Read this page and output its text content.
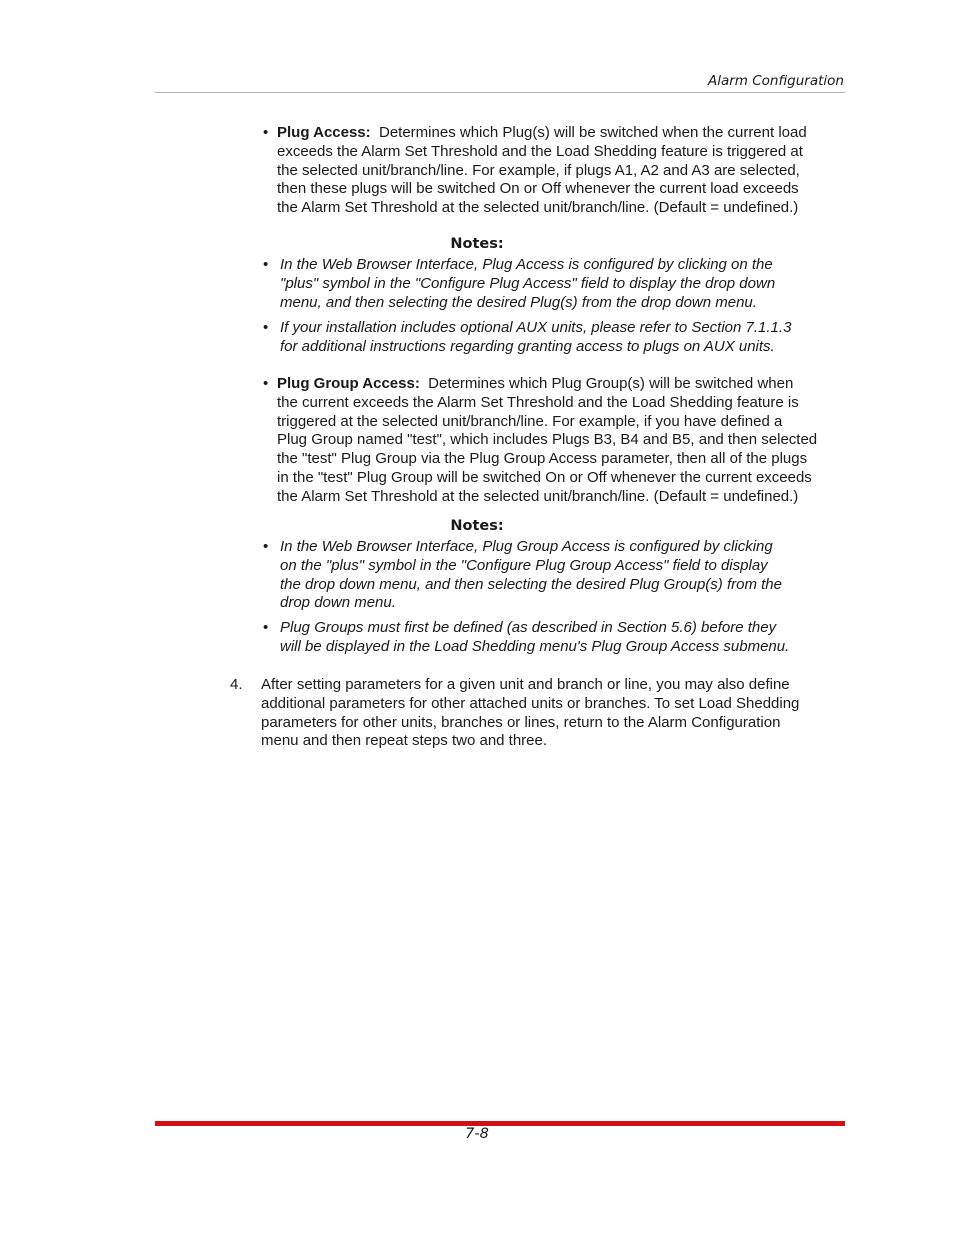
Alarm Configuration
• Plug Access: Determines which Plug(s) will be switched when the current load
exceeds the Alarm Set Threshold and the Load Shedding feature is triggered at
the selected unit/branch/line. For example, if plugs A1, A2 and A3 are selected,
then these plugs will be switched On or Off whenever the current load exceeds
the Alarm Set Threshold at the selected unit/branch/line. (Default = undefined.)
Notes:
• In the Web Browser Interface, Plug Access is configured by clicking on the
"plus" symbol in the "Configure Plug Access" field to display the drop down
menu, and then selecting the desired Plug(s) from the drop down menu.
• If your installation includes optional AUX units, please refer to Section 7.1.1.3
for additional instructions regarding granting access to plugs on AUX units.
• Plug Group Access: Determines which Plug Group(s) will be switched when
the current exceeds the Alarm Set Threshold and the Load Shedding feature is
triggered at the selected unit/branch/line. For example, if you have defined a
Plug Group named "test", which includes Plugs B3, B4 and B5, and then selected
the "test" Plug Group via the Plug Group Access parameter, then all of the plugs
in the "test" Plug Group will be switched On or Off whenever the current exceeds
the Alarm Set Threshold at the selected unit/branch/line. (Default = undefined.)
Notes:
• In the Web Browser Interface, Plug Group Access is configured by clicking
on the "plus" symbol in the "Configure Plug Group Access" field to display
the drop down menu, and then selecting the desired Plug Group(s) from the
drop down menu.
• Plug Groups must first be defined (as described in Section 5.6) before they
will be displayed in the Load Shedding menu's Plug Group Access submenu.
4. After setting parameters for a given unit and branch or line, you may also define
additional parameters for other attached units or branches. To set Load Shedding
parameters for other units, branches or lines, return to the Alarm Configuration
menu and then repeat steps two and three.
7-8
